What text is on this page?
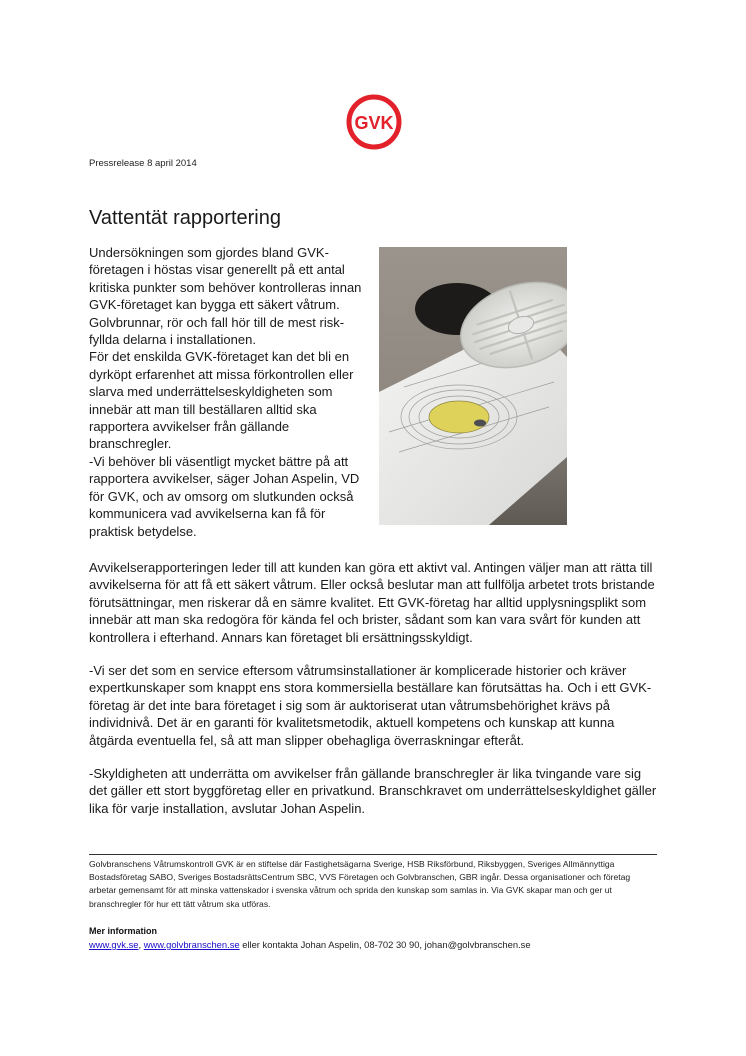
GVK
Pressrelease 8 april 2014
Vattentät rapportering

Undersökningen som gjordes bland GVK-företagen i höstas visar generellt på ett antal kritiska punkter som behöver kontrolleras innan GVK-företaget kan bygga ett säkert våtrum. Golvbrunnar, rör och fall hör till de mest risk-fyllda delarna i installationen.

För det enskilda GVK-företaget kan det bli en dyrköpt erfarenhet att missa förkontrollen eller slarva med underrättelseskyldigheten som innebär att man till beställaren alltid ska rapportera avvikelser från gällande branschregler.

-Vi behöver bli väsentligt mycket bättre på att rapportera avvikelser, säger Johan Aspelin, VD för GVK, och av omsorg om slutkunden också kommunicera vad avvikelserna kan få för praktisk betydelse.

Avvikelserapporteringen leder till att kunden kan göra ett aktivt val. Antingen väljer man att rätta till avvikelserna för att få ett säkert våtrum. Eller också beslutar man att fullfölja arbetet trots bristande förutsättningar, men riskerar då en sämre kvalitet. Ett GVK-företag har alltid upplysningsplikt som innebär att man ska redogöra för kända fel och brister, sådant som kan vara svårt för kunden att kontrollera i efterhand. Annars kan företaget bli ersättningsskyldigt.

-Vi ser det som en service eftersom våtrumsinstallationer är komplicerade historier och kräver expertkunskaper som knappt ens stora kommersiella beställare kan förutsättas ha. Och i ett GVK-företag är det inte bara företaget i sig som är auktoriserat utan våtrumsbehörighet krävs på individnivå. Det är en garanti för kvalitetsmetodik, aktuell kompetens och kunskap att kunna åtgärda eventuella fel, så att man slipper obehagliga överraskningar efteråt.

-Skyldigheten att underrätta om avvikelser från gällande branschregler är lika tvingande vare sig det gäller ett stort byggföretag eller en privatkund. Branschkravet om underrättelseskyldighet gäller lika för varje installation, avslutar Johan Aspelin.

Golvbranschens Våtrumskontroll GVK är en stiftelse där Fastighetsägarna Sverige, HSB Riksförbund, Riksbyggen, Sveriges Allmännyttiga Bostadsföretag SABO, Sveriges BostadsrättsCentrum SBC, VVS Företagen och Golvbranschen, GBR ingår. Dessa organisationer och företag arbetar gemensamt för att minska vattenskador i svenska våtrum och sprida den kunskap som samlas in. Via GVK skapar man och ger ut branschregler för hur ett tätt våtrum ska utföras.
Mer information
www.gvk.se, www.golvbranschen.se eller kontakta Johan Aspelin, 08-702 30 90, johan@golvbranschen.se
